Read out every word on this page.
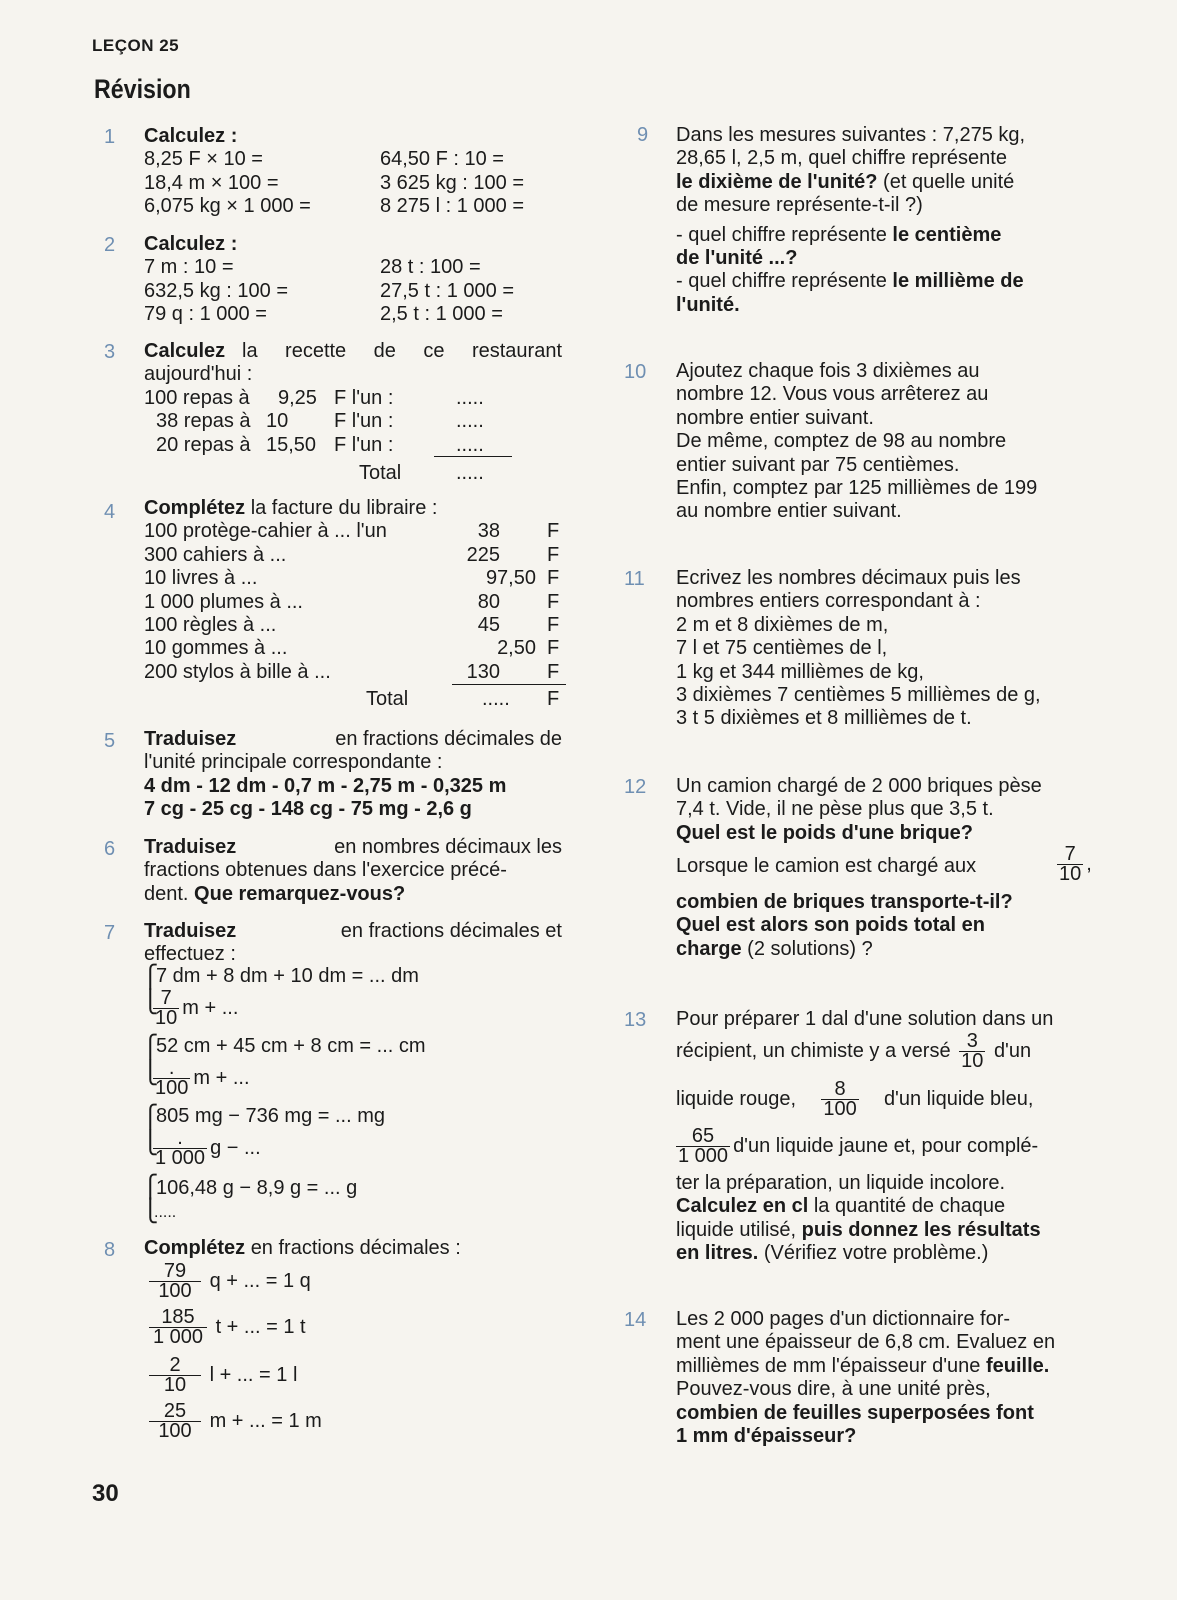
LEÇON 25
Révision
1 Calculez :
8,25 F × 10 =	64,50 F : 10 =
18,4 m × 100 =	3 625 kg : 100 =
6,075 kg × 1 000 =	8 275 l : 1 000 =
2 Calculez :
7 m : 10 =	28 t : 100 =
632,5 kg : 100 =	27,5 t : 1 000 =
79 q : 1 000 =	2,5 t : 1 000 =
3 Calculez la recette de ce restaurant aujourd'hui :
100 repas à 9,25 F l'un :	.....
38 repas à 10 F l'un :	.....
20 repas à 15,50 F l'un :	.....
Total	.....
4 Complétez la facture du libraire :
100 protège-cahier à ... l'un	38 F
300 cahiers à ...	225 F
10 livres à ...	97,50 F
1 000 plumes à ...	80 F
100 règles à ...	45 F
10 gommes à ...	2,50 F
200 stylos à bille à ...	130 F
Total	..... F
5 Traduisez	en fractions décimales de
l'unité principale correspondante :
4 dm - 12 dm - 0,7 m - 2,75 m - 0,325 m
7 cg - 25 cg - 148 cg - 75 mg - 2,6 g
6 Traduisez	en nombres décimaux les
fractions obtenues dans l'exercice précé-
dent. Que remarquez-vous?
7 Traduisez	en fractions décimales et
effectuez :
⎧
⎩
7 dm + 8 dm + 10 dm = ... dm
$\frac{7}{10}$ m + ...
⎧
⎩
52 cm + 45 cm + 8 cm = ... cm
.
100 m + ...
⎧
⎩
805 mg − 736 mg = ... mg
.
1 000 g − ...
⎧
⎩
106,48 g − 8,9 g = ... g
.....
8 Complétez en fractions décimales :
$\frac{79}{100}$ q + ... = 1 q
$\frac{185}{1 000}$ t + ... = 1 t
$\frac{2}{10}$ l + ... = 1 l
$\frac{25}{100}$ m + ... = 1 m
9 Dans les mesures suivantes : 7,275 kg,
28,65 l, 2,5 m, quel chiffre représente
le dixième de l'unité? (et quelle unité
de mesure représente-t-il ?)
- quel chiffre représente le centième
de l'unité ...?
- quel chiffre représente le millième de
l'unité.
10 Ajoutez chaque fois 3 dixièmes au
nombre 12. Vous vous arrêterez au
nombre entier suivant.
De même, comptez de 98 au nombre
entier suivant par 75 centièmes.
Enfin, comptez par 125 millièmes de 199
au nombre entier suivant.
11 Ecrivez les nombres décimaux puis les
nombres entiers correspondant à :
2 m et 8 dixièmes de m,
7 l et 75 centièmes de l,
1 kg et 344 millièmes de kg,
3 dixièmes 7 centièmes 5 millièmes de g,
3 t 5 dixièmes et 8 millièmes de t.
12 Un camion chargé de 2 000 briques pèse
7,4 t. Vide, il ne pèse plus que 3,5 t.
Quel est le poids d'une brique?
Lorsque le camion est chargé aux	$\frac{7}{10}$ ,
combien de briques transporte-t-il?
Quel est alors son poids total en
charge (2 solutions) ?
13 Pour préparer 1 dal d'une solution dans un
récipient, un chimiste y a versé $\frac{3}{10} d'un$
liquide rouge, $\frac{8}{100} d'un$ liquide bleu,
$\frac{65}{1 000} d'un$ liquide jaune et, pour complé-
ter la préparation, un liquide incolore.
Calculez en cl la quantité de chaque
liquide utilisé, puis donnez les résultats
en litres. (Vérifiez votre problème.)
14 Les 2 000 pages d'un dictionnaire for-
ment une épaisseur de 6,8 cm. Evaluez en
millièmes de mm l'épaisseur d'une feuille.
Pouvez-vous dire, à une unité près,
combien de feuilles superposées font
1 mm d'épaisseur?
30
